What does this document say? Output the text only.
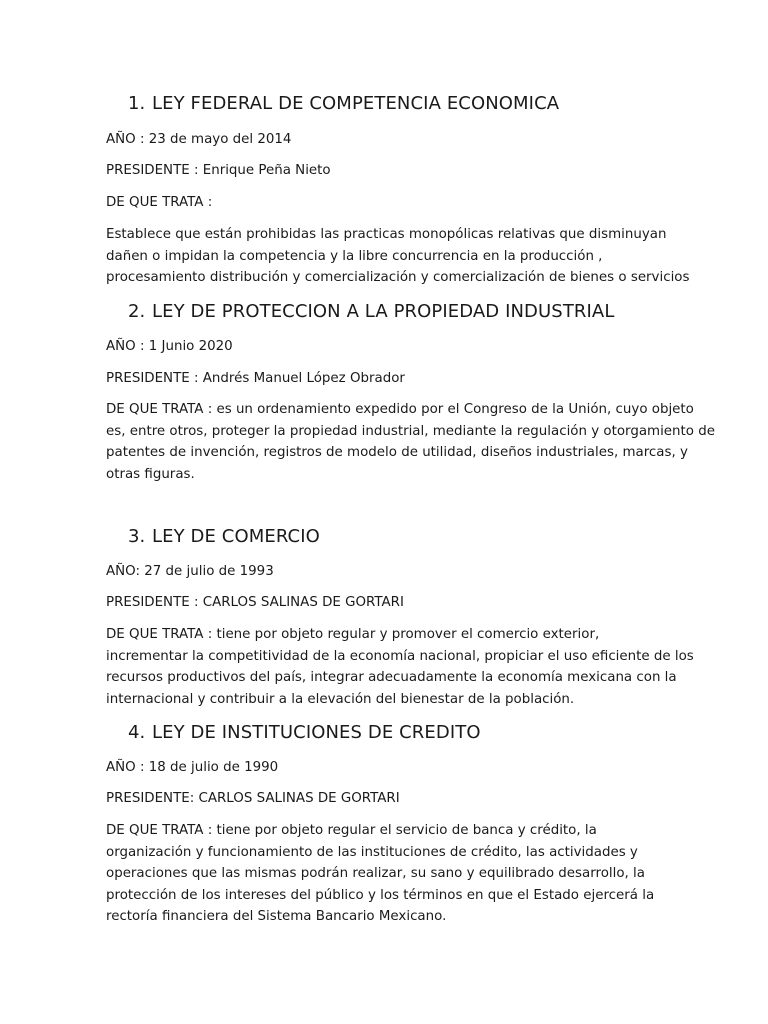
1. LEY FEDERAL DE COMPETENCIA ECONOMICA
AÑO : 23 de mayo del 2014
PRESIDENTE : Enrique Peña Nieto
DE QUE TRATA :
Establece que están prohibidas las practicas monopólicas relativas que disminuyan
dañen o impidan la competencia y la libre concurrencia en la producción ,
procesamiento distribución y comercialización y comercialización de bienes o servicios
2. LEY DE PROTECCION A LA PROPIEDAD INDUSTRIAL
AÑO : 1 Junio 2020
PRESIDENTE : Andrés Manuel López Obrador
DE QUE TRATA : es un ordenamiento expedido por el Congreso de la Unión, cuyo objeto
es, entre otros, proteger la propiedad industrial, mediante la regulación y otorgamiento de
patentes de invención, registros de modelo de utilidad, diseños industriales, marcas, y
otras figuras.
3. LEY DE COMERCIO
AÑO: 27 de julio de 1993
PRESIDENTE : CARLOS SALINAS DE GORTARI
DE QUE TRATA : tiene por objeto regular y promover el comercio exterior,
incrementar la competitividad de la economía nacional, propiciar el uso eficiente de los
recursos productivos del país, integrar adecuadamente la economía mexicana con la
internacional y contribuir a la elevación del bienestar de la población.
4. LEY DE INSTITUCIONES DE CREDITO
AÑO : 18 de julio de 1990
PRESIDENTE: CARLOS SALINAS DE GORTARI
DE QUE TRATA : tiene por objeto regular el servicio de banca y crédito, la
organización y funcionamiento de las instituciones de crédito, las actividades y
operaciones que las mismas podrán realizar, su sano y equilibrado desarrollo, la
protección de los intereses del público y los términos en que el Estado ejercerá la
rectoría financiera del Sistema Bancario Mexicano.
